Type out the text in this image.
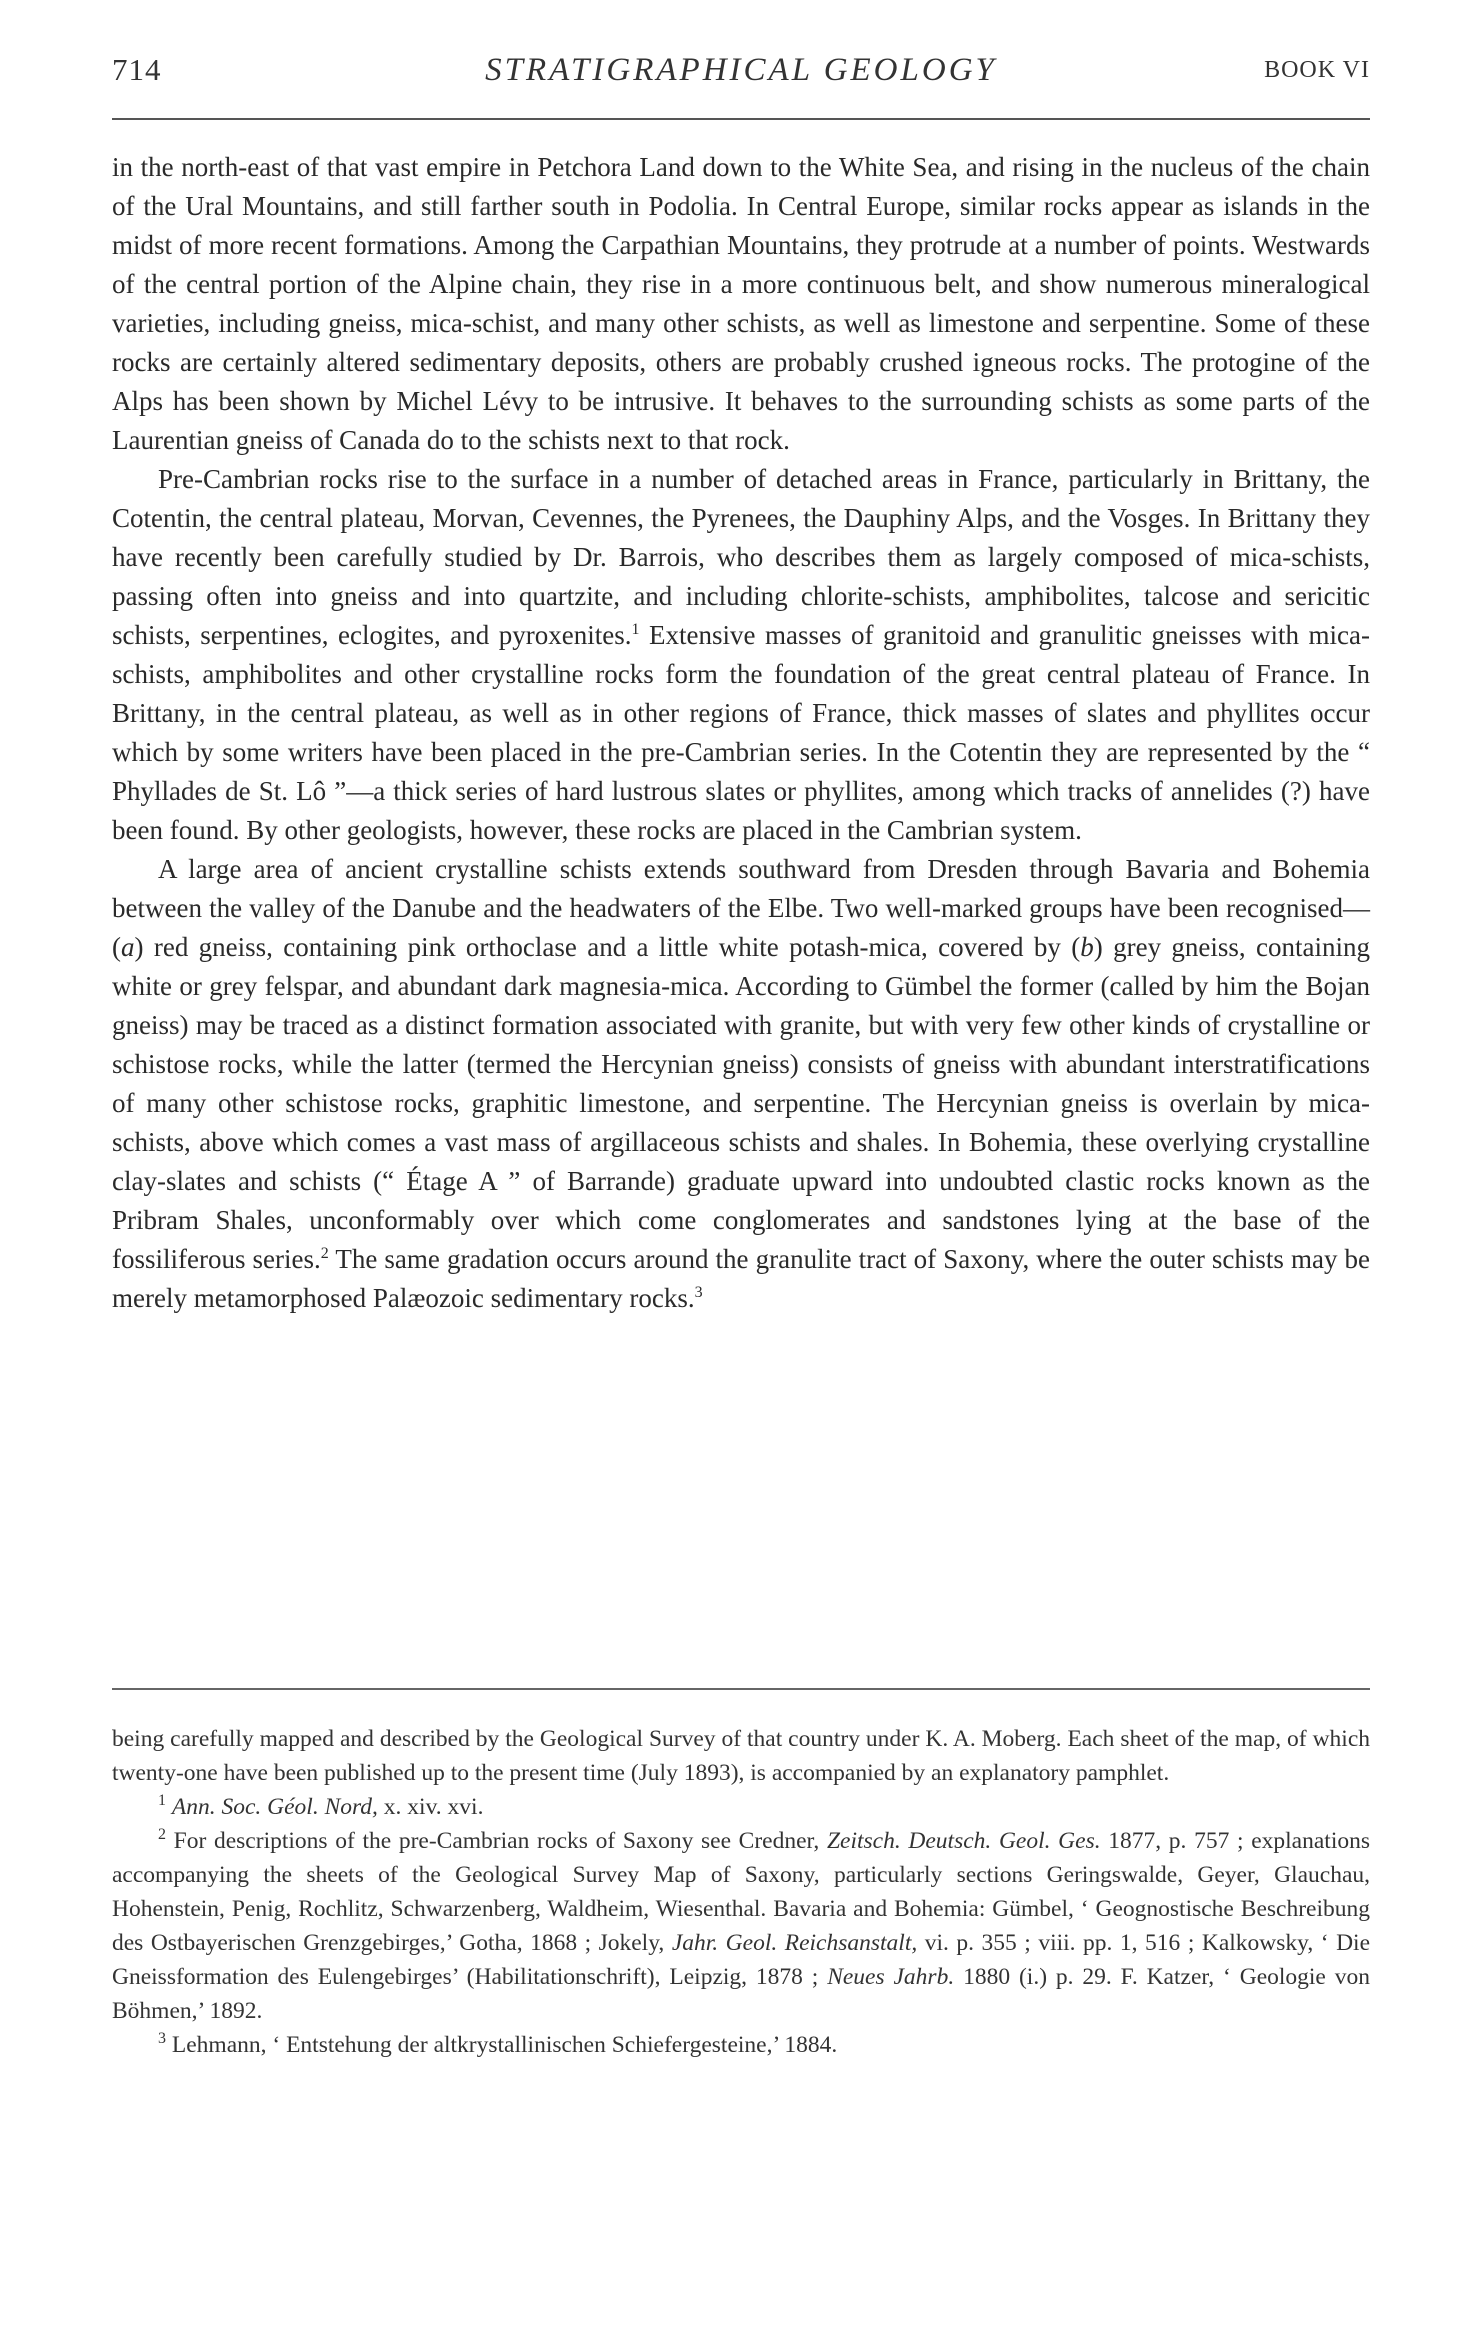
714	STRATIGRAPHICAL GEOLOGY	BOOK VI

in the north-east of that vast empire in Petchora Land down to the White Sea, and rising in the nucleus of the chain of the Ural Mountains, and still farther south in Podolia. In Central Europe, similar rocks appear as islands in the midst of more recent formations. Among the Carpathian Mountains, they protrude at a number of points. Westwards of the central portion of the Alpine chain, they rise in a more continuous belt, and show numerous mineralogical varieties, including gneiss, mica-schist, and many other schists, as well as limestone and serpentine. Some of these rocks are certainly altered sedimentary deposits, others are probably crushed igneous rocks. The protogine of the Alps has been shown by Michel Lévy to be intrusive. It behaves to the surrounding schists as some parts of the Laurentian gneiss of Canada do to the schists next to that rock.

Pre-Cambrian rocks rise to the surface in a number of detached areas in France, particularly in Brittany, the Cotentin, the central plateau, Morvan, Cevennes, the Pyrenees, the Dauphiny Alps, and the Vosges. In Brittany they have recently been carefully studied by Dr. Barrois, who describes them as largely composed of mica-schists, passing often into gneiss and into quartzite, and including chlorite-schists, amphibolites, talcose and sericitic schists, serpentines, eclogites, and pyroxenites.$^1$ Extensive masses of granitoid and granulitic gneisses with mica-schists, amphibolites and other crystalline rocks form the foundation of the great central plateau of France. In Brittany, in the central plateau, as well as in other regions of France, thick masses of slates and phyllites occur which by some writers have been placed in the pre-Cambrian series. In the Cotentin they are represented by the “ Phyllades de St. Lô ”—a thick series of hard lustrous slates or phyllites, among which tracks of annelides (?) have been found. By other geologists, however, these rocks are placed in the Cambrian system.

A large area of ancient crystalline schists extends southward from Dresden through Bavaria and Bohemia between the valley of the Danube and the headwaters of the Elbe. Two well-marked groups have been recognised—(a) red gneiss, containing pink orthoclase and a little white potash-mica, covered by (b) grey gneiss, containing white or grey felspar, and abundant dark magnesia-mica. According to Gümbel the former (called by him the Bojan gneiss) may be traced as a distinct formation associated with granite, but with very few other kinds of crystalline or schistose rocks, while the latter (termed the Hercynian gneiss) consists of gneiss with abundant interstratifications of many other schistose rocks, graphitic limestone, and serpentine. The Hercynian gneiss is overlain by mica-schists, above which comes a vast mass of argillaceous schists and shales. In Bohemia, these overlying crystalline clay-slates and schists (“ Étage A ” of Barrande) graduate upward into undoubted clastic rocks known as the Pribram Shales, unconformably over which come conglomerates and sandstones lying at the base of the fossiliferous series.$^2$ The same gradation occurs around the granulite tract of Saxony, where the outer schists may be merely metamorphosed Palæozoic sedimentary rocks.$^3$

being carefully mapped and described by the Geological Survey of that country under K. A. Moberg. Each sheet of the map, of which twenty-one have been published up to the present time (July 1893), is accompanied by an explanatory pamphlet.

$^1$ Ann. Soc. Géol. Nord, x. xiv. xvi.

$^2$ For descriptions of the pre-Cambrian rocks of Saxony see Credner, Zeitsch. Deutsch. Geol. Ges. 1877, p. 757 ; explanations accompanying the sheets of the Geological Survey Map of Saxony, particularly sections Geringswalde, Geyer, Glauchau, Hohenstein, Penig, Rochlitz, Schwarzenberg, Waldheim, Wiesenthal. Bavaria and Bohemia: Gümbel, ‘ Geognostische Beschreibung des Ostbayerischen Grenzgebirges,’ Gotha, 1868 ; Jokely, Jahr. Geol. Reichsanstalt, vi. p. 355 ; viii. pp. 1, 516 ; Kalkowsky, ‘ Die Gneissformation des Eulengebirges’ (Habilitationschrift), Leipzig, 1878 ; Neues Jahrb. 1880 (i.) p. 29. F. Katzer, ‘ Geologie von Böhmen,’ 1892.

$^3$ Lehmann, ‘ Entstehung der altkrystallinischen Schiefergesteine,’ 1884.
